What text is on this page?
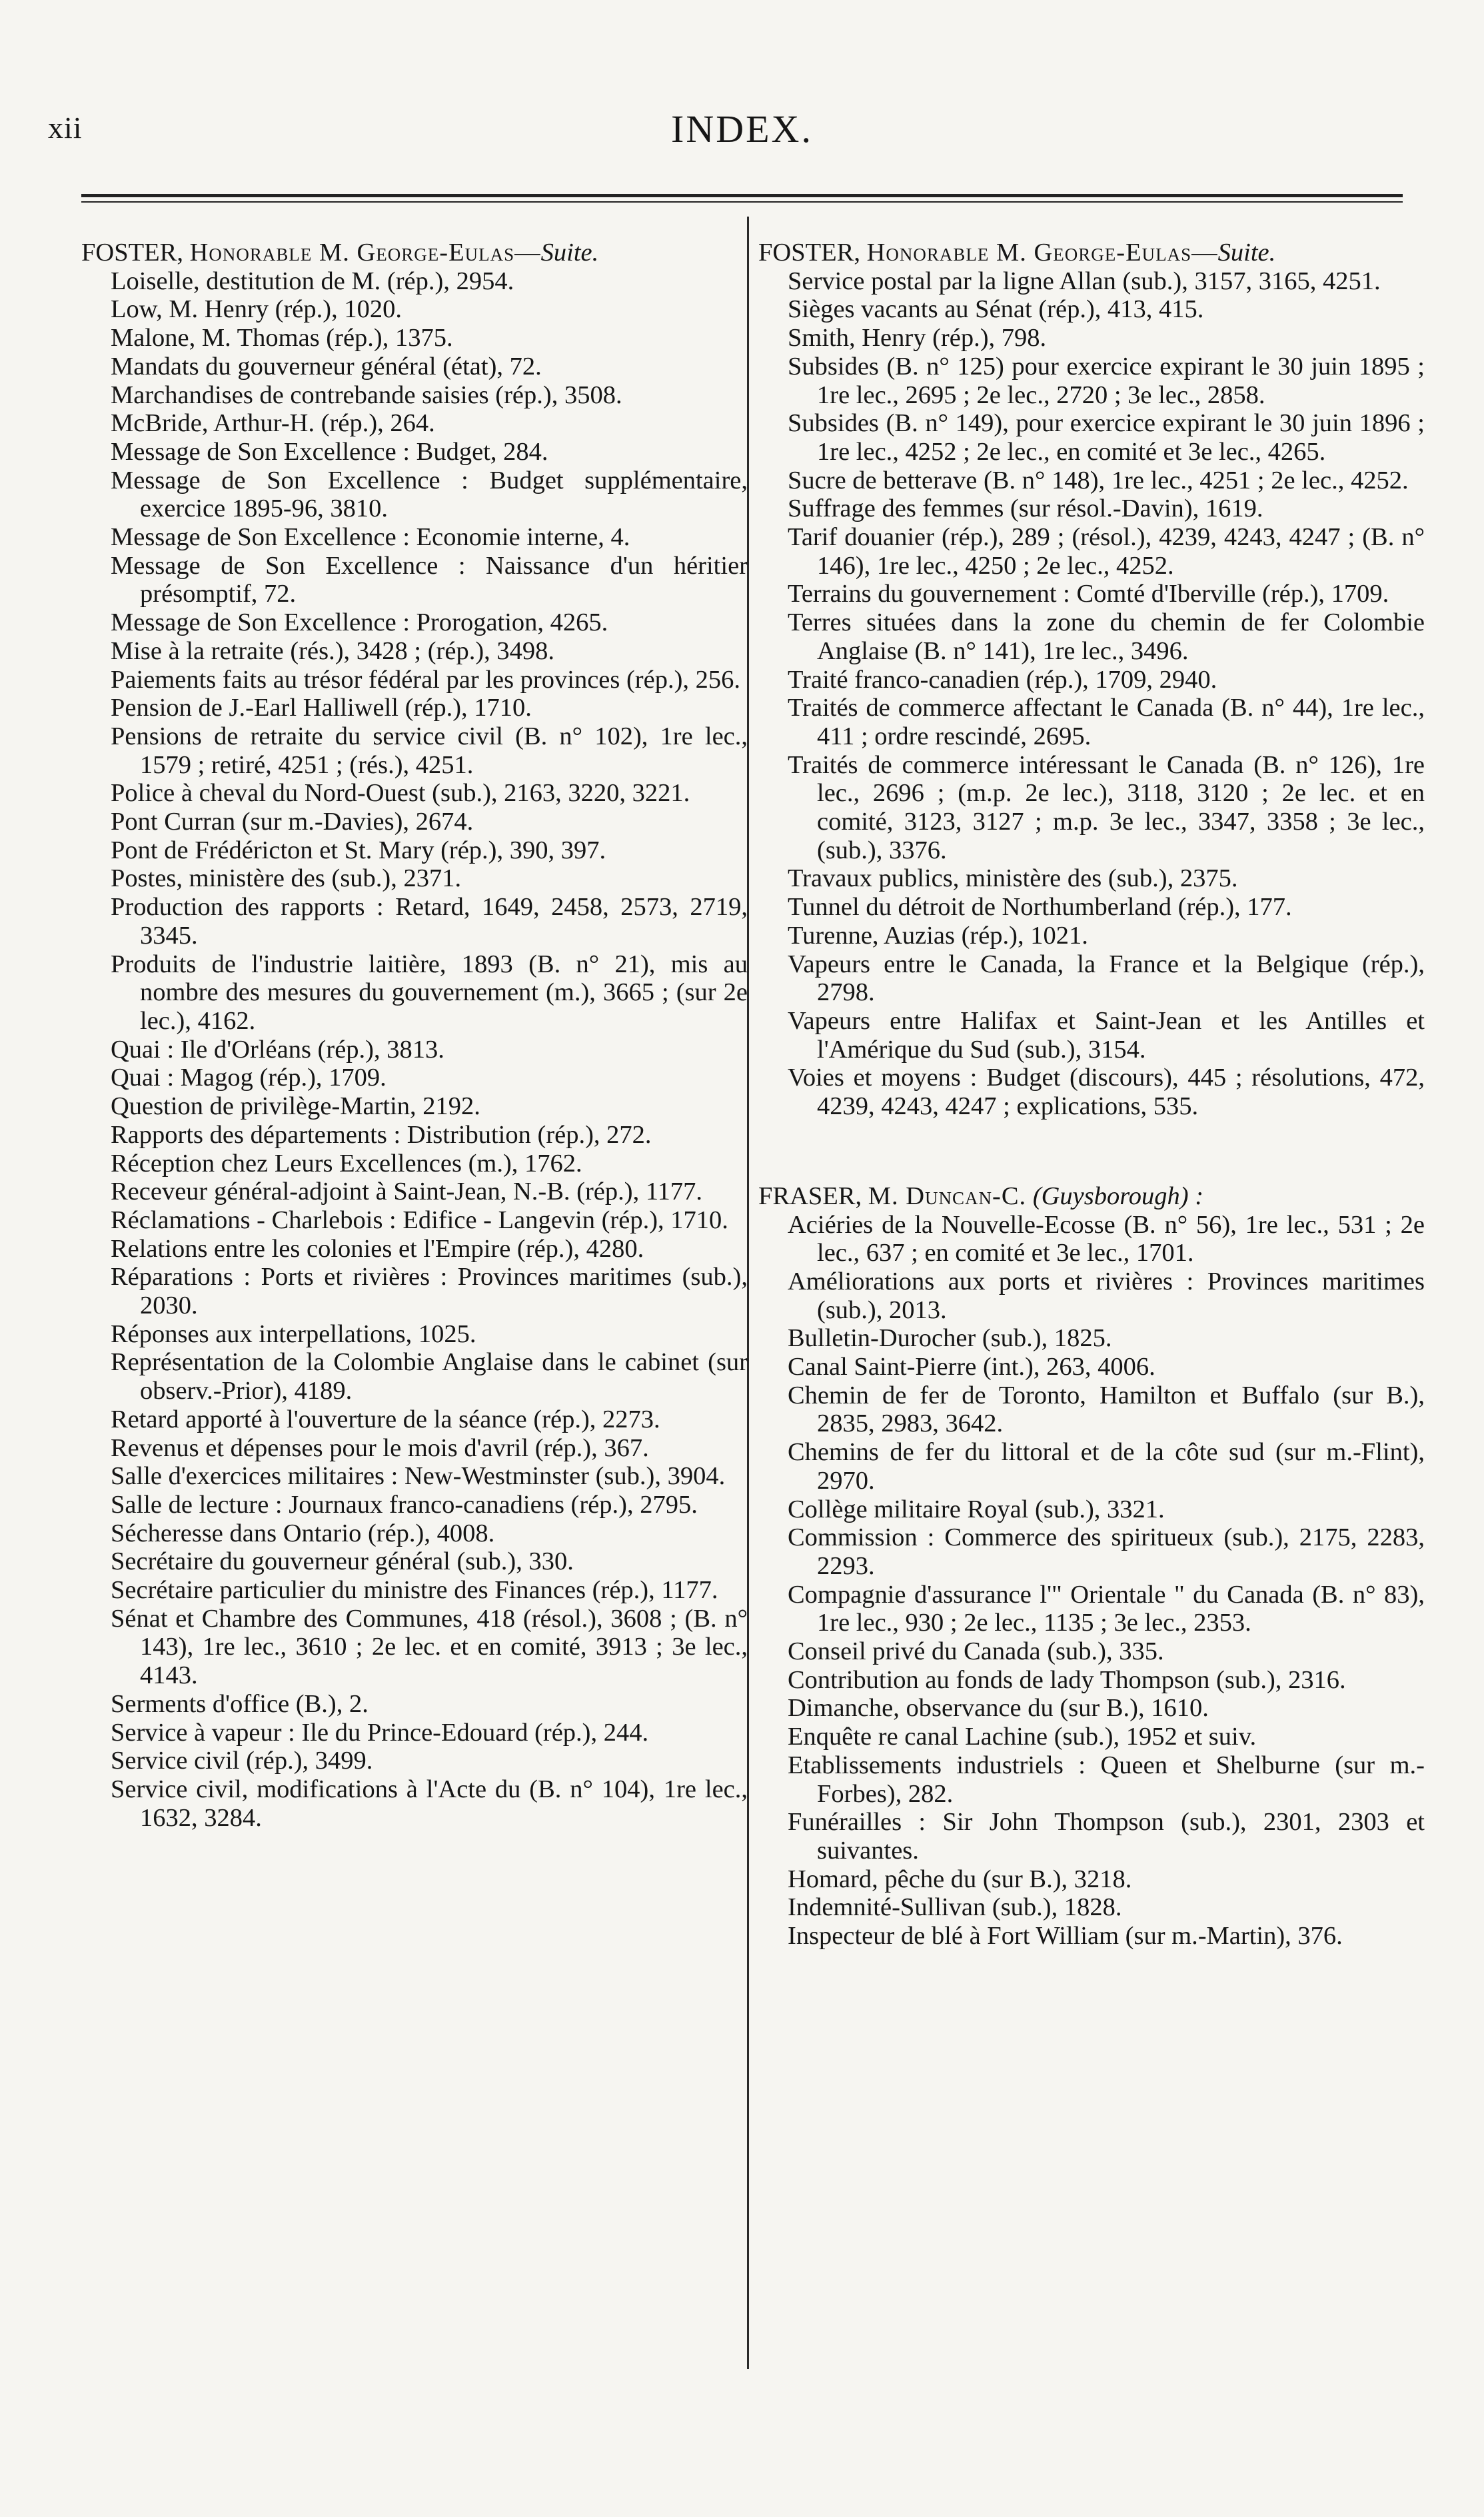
xii	INDEX.

FOSTER, Honorable M. George-Eulas—Suite.

Loiselle, destitution de M. (rép.), 2954.

Low, M. Henry (rép.), 1020.

Malone, M. Thomas (rép.), 1375.

Mandats du gouverneur général (état), 72.

Marchandises de contrebande saisies (rép.), 3508.

McBride, Arthur-H. (rép.), 264.

Message de Son Excellence : Budget, 284.

Message de Son Excellence : Budget supplémentaire, exercice 1895-96, 3810.

Message de Son Excellence : Economie interne, 4.

Message de Son Excellence : Naissance d'un héritier présomptif, 72.

Message de Son Excellence : Prorogation, 4265.

Mise à la retraite (rés.), 3428 ; (rép.), 3498.

Paiements faits au trésor fédéral par les provinces (rép.), 256.

Pension de J.-Earl Halliwell (rép.), 1710.

Pensions de retraite du service civil (B. n° 102), 1re lec., 1579 ; retiré, 4251 ; (rés.), 4251.

Police à cheval du Nord-Ouest (sub.), 2163, 3220, 3221.

Pont Curran (sur m.-Davies), 2674.

Pont de Frédéricton et St. Mary (rép.), 390, 397.

Postes, ministère des (sub.), 2371.

Production des rapports : Retard, 1649, 2458, 2573, 2719, 3345.

Produits de l'industrie laitière, 1893 (B. n° 21), mis au nombre des mesures du gouvernement (m.), 3665 ; (sur 2e lec.), 4162.

Quai : Ile d'Orléans (rép.), 3813.

Quai : Magog (rép.), 1709.

Question de privilège-Martin, 2192.

Rapports des départements : Distribution (rép.), 272.

Réception chez Leurs Excellences (m.), 1762.

Receveur général-adjoint à Saint-Jean, N.-B. (rép.), 1177.

Réclamations - Charlebois : Edifice - Langevin (rép.), 1710.

Relations entre les colonies et l'Empire (rép.), 4280.

Réparations : Ports et rivières : Provinces maritimes (sub.), 2030.

Réponses aux interpellations, 1025.

Représentation de la Colombie Anglaise dans le cabinet (sur observ.-Prior), 4189.

Retard apporté à l'ouverture de la séance (rép.), 2273.

Revenus et dépenses pour le mois d'avril (rép.), 367.

Salle d'exercices militaires : New-Westminster (sub.), 3904.

Salle de lecture : Journaux franco-canadiens (rép.), 2795.

Sécheresse dans Ontario (rép.), 4008.

Secrétaire du gouverneur général (sub.), 330.

Secrétaire particulier du ministre des Finances (rép.), 1177.

Sénat et Chambre des Communes, 418 (résol.), 3608 ; (B. n° 143), 1re lec., 3610 ; 2e lec. et en comité, 3913 ; 3e lec., 4143.

Serments d'office (B.), 2.

Service à vapeur : Ile du Prince-Edouard (rép.), 244.

Service civil (rép.), 3499.

Service civil, modifications à l'Acte du (B. n° 104), 1re lec., 1632, 3284.

FOSTER, Honorable M. George-Eulas—Suite.

Service postal par la ligne Allan (sub.), 3157, 3165, 4251.

Sièges vacants au Sénat (rép.), 413, 415.

Smith, Henry (rép.), 798.

Subsides (B. n° 125) pour exercice expirant le 30 juin 1895 ; 1re lec., 2695 ; 2e lec., 2720 ; 3e lec., 2858.

Subsides (B. n° 149), pour exercice expirant le 30 juin 1896 ; 1re lec., 4252 ; 2e lec., en comité et 3e lec., 4265.

Sucre de betterave (B. n° 148), 1re lec., 4251 ; 2e lec., 4252.

Suffrage des femmes (sur résol.-Davin), 1619.

Tarif douanier (rép.), 289 ; (résol.), 4239, 4243, 4247 ; (B. n° 146), 1re lec., 4250 ; 2e lec., 4252.

Terrains du gouvernement : Comté d'Iberville (rép.), 1709.

Terres situées dans la zone du chemin de fer Colombie Anglaise (B. n° 141), 1re lec., 3496.

Traité franco-canadien (rép.), 1709, 2940.

Traités de commerce affectant le Canada (B. n° 44), 1re lec., 411 ; ordre rescindé, 2695.

Traités de commerce intéressant le Canada (B. n° 126), 1re lec., 2696 ; (m.p. 2e lec.), 3118, 3120 ; 2e lec. et en comité, 3123, 3127 ; m.p. 3e lec., 3347, 3358 ; 3e lec., (sub.), 3376.

Travaux publics, ministère des (sub.), 2375.

Tunnel du détroit de Northumberland (rép.), 177.

Turenne, Auzias (rép.), 1021.

Vapeurs entre le Canada, la France et la Belgique (rép.), 2798.

Vapeurs entre Halifax et Saint-Jean et les Antilles et l'Amérique du Sud (sub.), 3154.

Voies et moyens : Budget (discours), 445 ; résolutions, 472, 4239, 4243, 4247 ; explications, 535.

FRASER, M. Duncan-C. (Guysborough) :

Aciéries de la Nouvelle-Ecosse (B. n° 56), 1re lec., 531 ; 2e lec., 637 ; en comité et 3e lec., 1701.

Améliorations aux ports et rivières : Provinces maritimes (sub.), 2013.

Bulletin-Durocher (sub.), 1825.

Canal Saint-Pierre (int.), 263, 4006.

Chemin de fer de Toronto, Hamilton et Buffalo (sur B.), 2835, 2983, 3642.

Chemins de fer du littoral et de la côte sud (sur m.-Flint), 2970.

Collège militaire Royal (sub.), 3321.

Commission : Commerce des spiritueux (sub.), 2175, 2283, 2293.

Compagnie d'assurance l'" Orientale " du Canada (B. n° 83), 1re lec., 930 ; 2e lec., 1135 ; 3e lec., 2353.

Conseil privé du Canada (sub.), 335.

Contribution au fonds de lady Thompson (sub.), 2316.

Dimanche, observance du (sur B.), 1610.

Enquête re canal Lachine (sub.), 1952 et suiv.

Etablissements industriels : Queen et Shelburne (sur m.-Forbes), 282.

Funérailles : Sir John Thompson (sub.), 2301, 2303 et suivantes.

Homard, pêche du (sur B.), 3218.

Indemnité-Sullivan (sub.), 1828.

Inspecteur de blé à Fort William (sur m.-Martin), 376.
